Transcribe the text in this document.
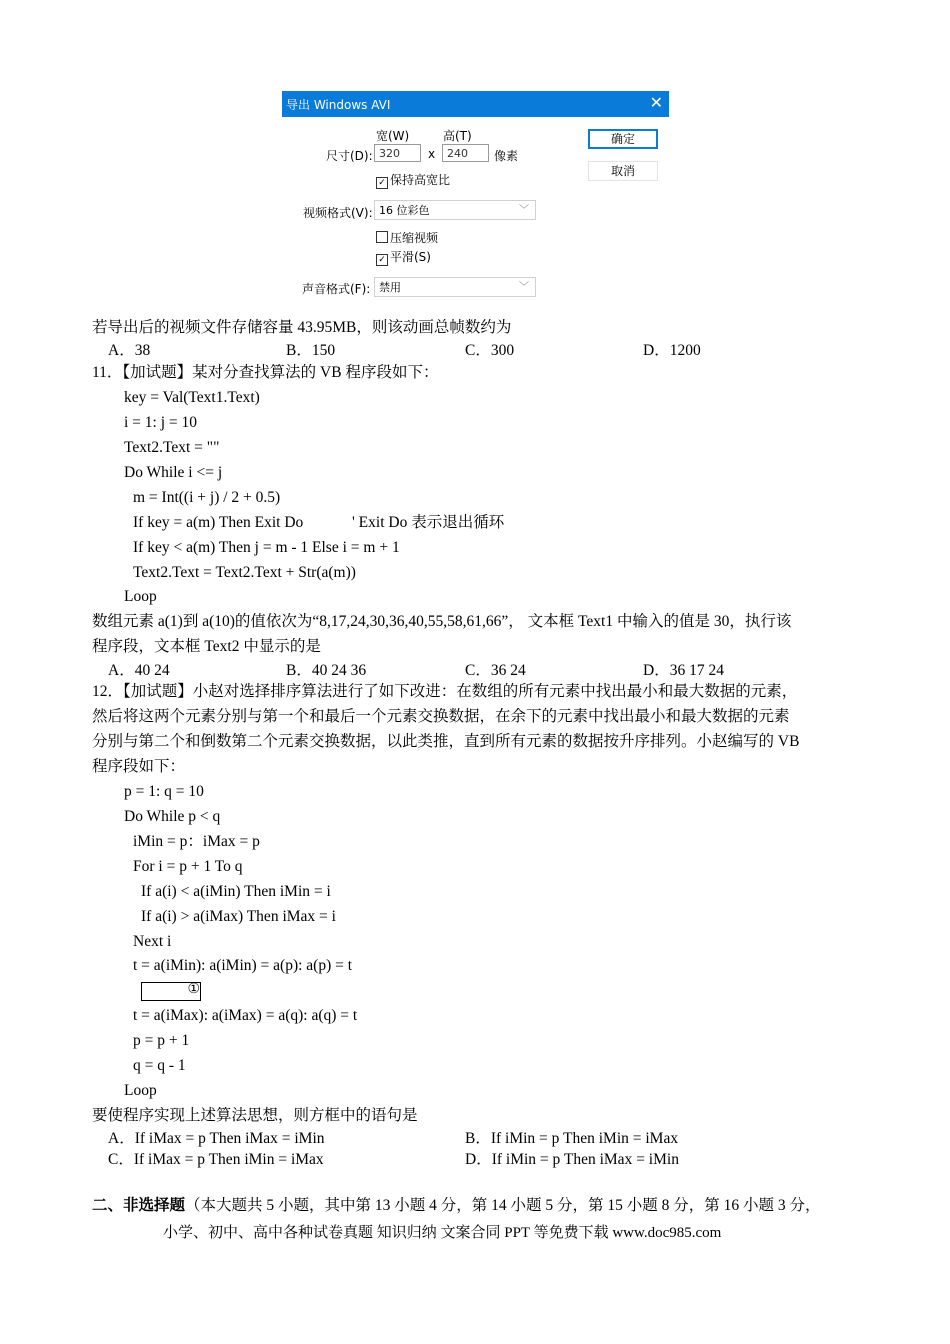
导出 Windows AVI	✕
宽(W)	高(T)
尺寸(D): 320	x	240	像素
✓ 保持高宽比
确定
取消
视频格式(V): 16 位彩色	﹀
压缩视频
✓ 平滑(S)
声音格式(F): 禁用	﹀
若导出后的视频文件存储容量 43.95MB，则该动画总帧数约为
A．38	B．150	C．300	D．1200
11．【加试题】某对分查找算法的 VB 程序段如下：
key = Val(Text1.Text)
i = 1: j = 10
Text2.Text = ""
Do While i <= j
m = Int((i + j) / 2 + 0.5)
If key = a(m) Then Exit Do	' Exit Do 表示退出循环
If key < a(m) Then j = m - 1 Else i = m + 1
Text2.Text = Text2.Text + Str(a(m))
Loop
数组元素 a(1)到 a(10)的值依次为“8,17,24,30,36,40,55,58,61,66”， 文本框 Text1 中输入的值是 30，执行该
程序段，文本框 Text2 中显示的是
A．40 24	B．40 24 36	C．36 24	D．36 17 24
12．【加试题】小赵对选择排序算法进行了如下改进：在数组的所有元素中找出最小和最大数据的元素，
然后将这两个元素分别与第一个和最后一个元素交换数据，在余下的元素中找出最小和最大数据的元素
分别与第二个和倒数第二个元素交换数据，以此类推，直到所有元素的数据按升序排列。小赵编写的 VB
程序段如下：
p = 1: q = 10
Do While p < q
iMin = p：iMax = p
For i = p + 1 To q
If a(i) < a(iMin) Then iMin = i
If a(i) > a(iMax) Then iMax = i
Next i
t = a(iMin): a(iMin) = a(p): a(p) = t
①
t = a(iMax): a(iMax) = a(q): a(q) = t
p = p + 1
q = q - 1
Loop
要使程序实现上述算法思想，则方框中的语句是
A．If iMax = p Then iMax = iMin	B．If iMin = p Then iMin = iMax
C．If iMax = p Then iMin = iMax	D．If iMin = p Then iMax = iMin
二、非选择题（本大题共 5 小题，其中第 13 小题 4 分，第 14 小题 5 分，第 15 小题 8 分，第 16 小题 3 分，
小学、初中、高中各种试卷真题 知识归纳 文案合同 PPT 等免费下载 www.doc985.com
